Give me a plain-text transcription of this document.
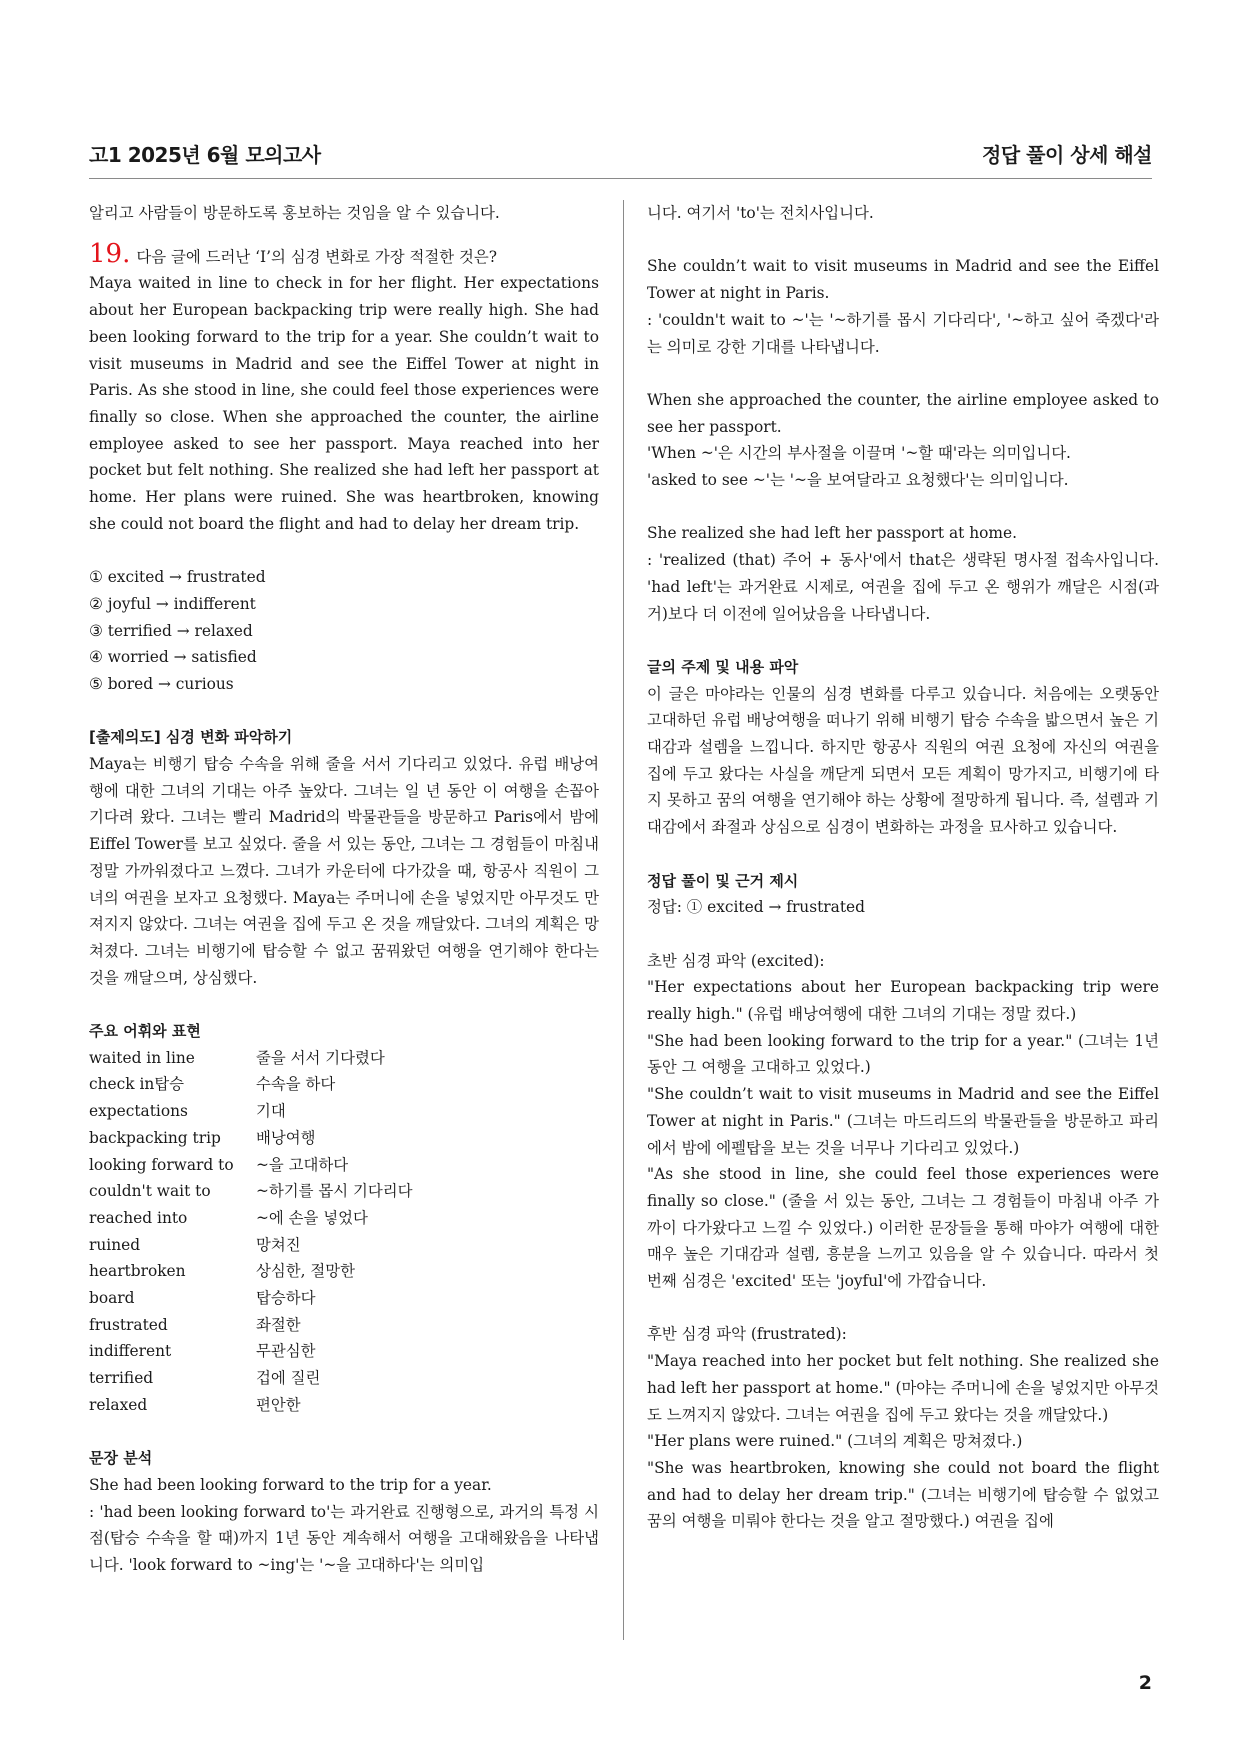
고1 2025년 6월 모의고사	정답 풀이 상세 해설

알리고 사람들이 방문하도록 홍보하는 것임을 알 수 있습니다.

19. 다음 글에 드러난 ‘I’의 심경 변화로 가장 적절한 것은?

Maya waited in line to check in for her flight. Her expectations about her European backpacking trip were really high. She had been looking forward to the trip for a year. She couldn’t wait to visit museums in Madrid and see the Eiffel Tower at night in Paris. As she stood in line, she could feel those experiences were finally so close. When she approached the counter, the airline employee asked to see her passport. Maya reached into her pocket but felt nothing. She realized she had left her passport at home. Her plans were ruined. She was heartbroken, knowing she could not board the flight and had to delay her dream trip.

① excited → frustrated
② joyful → indifferent
③ terrified → relaxed
④ worried → satisfied
⑤ bored → curious

[출제의도] 심경 변화 파악하기

Maya는 비행기 탑승 수속을 위해 줄을 서서 기다리고 있었다. 유럽 배낭여행에 대한 그녀의 기대는 아주 높았다. 그녀는 일 년 동안 이 여행을 손꼽아 기다려 왔다. 그녀는 빨리 Madrid의 박물관들을 방문하고 Paris에서 밤에 Eiffel Tower를 보고 싶었다. 줄을 서 있는 동안, 그녀는 그 경험들이 마침내 정말 가까워졌다고 느꼈다. 그녀가 카운터에 다가갔을 때, 항공사 직원이 그녀의 여권을 보자고 요청했다. Maya는 주머니에 손을 넣었지만 아무것도 만져지지 않았다. 그녀는 여권을 집에 두고 온 것을 깨달았다. 그녀의 계획은 망쳐졌다. 그녀는 비행기에 탑승할 수 없고 꿈꿔왔던 여행을 연기해야 한다는 것을 깨달으며, 상심했다.

주요 어휘와 표현

waited in line	줄을 서서 기다렸다
check in탑승	수속을 하다
expectations	기대
backpacking trip	배낭여행
looking forward to	~을 고대하다
couldn't wait to	~하기를 몹시 기다리다
reached into	~에 손을 넣었다
ruined	망쳐진
heartbroken	상심한, 절망한
board	탑승하다
frustrated	좌절한
indifferent	무관심한
terrified	겁에 질린
relaxed	편안한

문장 분석

She had been looking forward to the trip for a year.

: 'had been looking forward to'는 과거완료 진행형으로, 과거의 특정 시점(탑승 수속을 할 때)까지 1년 동안 계속해서 여행을 고대해왔음을 나타냅니다. 'look forward to ~ing'는 '~을 고대하다'는 의미입

니다. 여기서 'to'는 전치사입니다.

She couldn’t wait to visit museums in Madrid and see the Eiffel Tower at night in Paris.

: 'couldn't wait to ~'는 '~하기를 몹시 기다리다', '~하고 싶어 죽겠다'라는 의미로 강한 기대를 나타냅니다.

When she approached the counter, the airline employee asked to see her passport.

'When ~'은 시간의 부사절을 이끌며 '~할 때'라는 의미입니다.

'asked to see ~'는 '~을 보여달라고 요청했다'는 의미입니다.

She realized she had left her passport at home.

: 'realized (that) 주어 + 동사'에서 that은 생략된 명사절 접속사입니다. 'had left'는 과거완료 시제로, 여권을 집에 두고 온 행위가 깨달은 시점(과거)보다 더 이전에 일어났음을 나타냅니다.

글의 주제 및 내용 파악

이 글은 마야라는 인물의 심경 변화를 다루고 있습니다. 처음에는 오랫동안 고대하던 유럽 배낭여행을 떠나기 위해 비행기 탑승 수속을 밟으면서 높은 기대감과 설렘을 느낍니다. 하지만 항공사 직원의 여권 요청에 자신의 여권을 집에 두고 왔다는 사실을 깨닫게 되면서 모든 계획이 망가지고, 비행기에 타지 못하고 꿈의 여행을 연기해야 하는 상황에 절망하게 됩니다. 즉, 설렘과 기대감에서 좌절과 상심으로 심경이 변화하는 과정을 묘사하고 있습니다.

정답 풀이 및 근거 제시

정답: ① excited → frustrated

초반 심경 파악 (excited):

"Her expectations about her European backpacking trip were really high." (유럽 배낭여행에 대한 그녀의 기대는 정말 컸다.)

"She had been looking forward to the trip for a year." (그녀는 1년 동안 그 여행을 고대하고 있었다.)

"She couldn’t wait to visit museums in Madrid and see the Eiffel Tower at night in Paris." (그녀는 마드리드의 박물관들을 방문하고 파리에서 밤에 에펠탑을 보는 것을 너무나 기다리고 있었다.)

"As she stood in line, she could feel those experiences were finally so close." (줄을 서 있는 동안, 그녀는 그 경험들이 마침내 아주 가까이 다가왔다고 느낄 수 있었다.) 이러한 문장들을 통해 마야가 여행에 대한 매우 높은 기대감과 설렘, 흥분을 느끼고 있음을 알 수 있습니다. 따라서 첫 번째 심경은 'excited' 또는 'joyful'에 가깝습니다.

후반 심경 파악 (frustrated):

"Maya reached into her pocket but felt nothing. She realized she had left her passport at home." (마야는 주머니에 손을 넣었지만 아무것도 느껴지지 않았다. 그녀는 여권을 집에 두고 왔다는 것을 깨달았다.)

"Her plans were ruined." (그녀의 계획은 망쳐졌다.)

"She was heartbroken, knowing she could not board the flight and had to delay her dream trip." (그녀는 비행기에 탑승할 수 없었고 꿈의 여행을 미뤄야 한다는 것을 알고 절망했다.) 여권을 집에

2
